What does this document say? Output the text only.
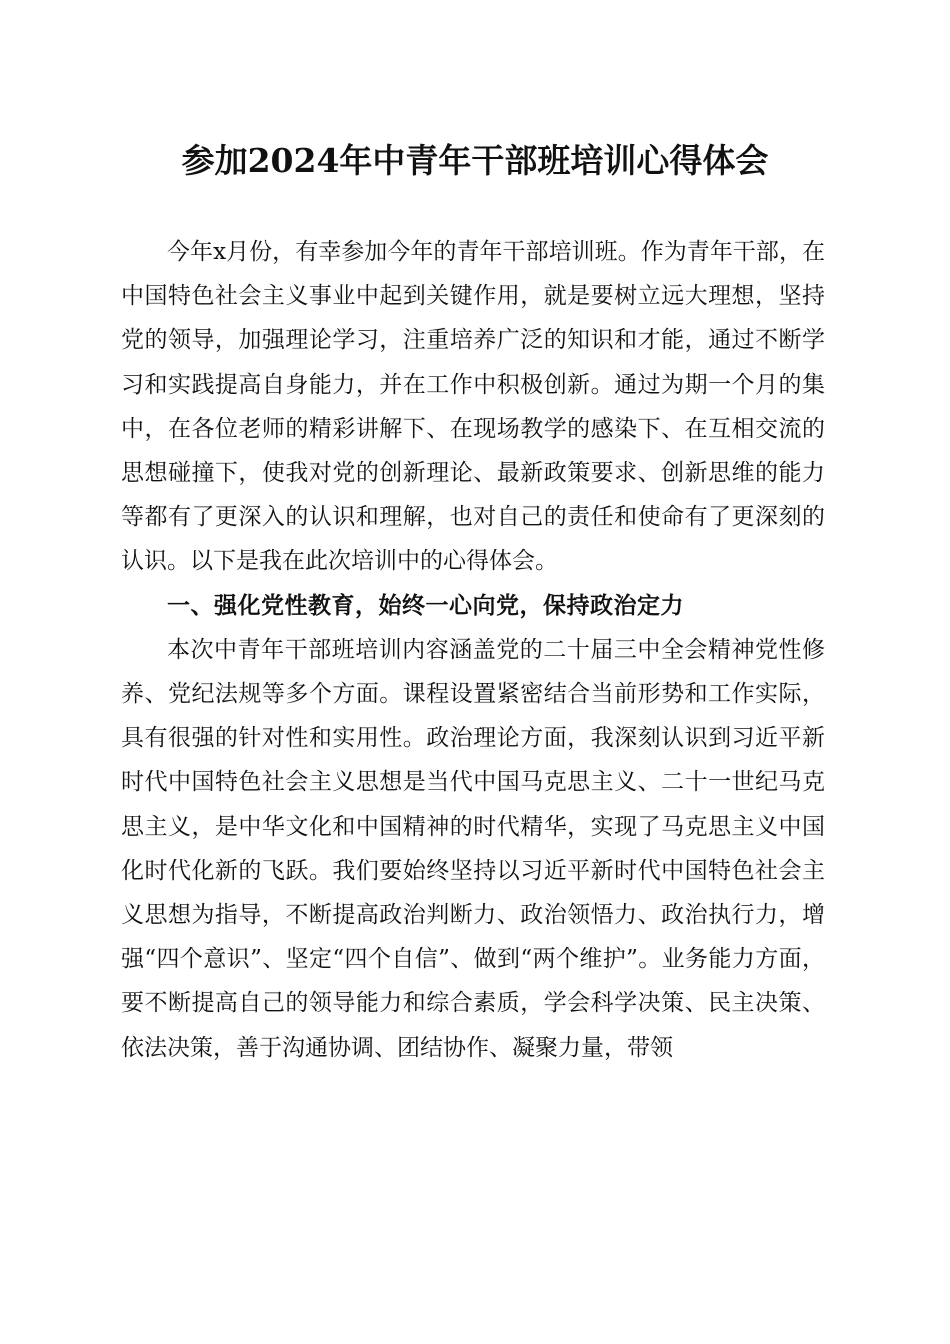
参加2024年中青年干部班培训心得体会

今年x月份，有幸参加今年的青年干部培训班。作为青年干部，在中国特色社会主义事业中起到关键作用，就是要树立远大理想，坚持党的领导，加强理论学习，注重培养广泛的知识和才能，通过不断学习和实践提高自身能力，并在工作中积极创新。通过为期一个月的集中，在各位老师的精彩讲解下、在现场教学的感染下、在互相交流的思想碰撞下，使我对党的创新理论、最新政策要求、创新思维的能力等都有了更深入的认识和理解，也对自己的责任和使命有了更深刻的认识。以下是我在此次培训中的心得体会。

一、强化党性教育，始终一心向党，保持政治定力

本次中青年干部班培训内容涵盖党的二十届三中全会精神党性修养、党纪法规等多个方面。课程设置紧密结合当前形势和工作实际，具有很强的针对性和实用性。政治理论方面，我深刻认识到习近平新时代中国特色社会主义思想是当代中国马克思主义、二十一世纪马克思主义，是中华文化和中国精神的时代精华，实现了马克思主义中国化时代化新的飞跃。我们要始终坚持以习近平新时代中国特色社会主义思想为指导，不断提高政治判断力、政治领悟力、政治执行力，增强“四个意识”、坚定“四个自信”、做到“两个维护”。业务能力方面，要不断提高自己的领导能力和综合素质，学会科学决策、民主决策、依法决策，善于沟通协调、团结协作、凝聚力量，带领
